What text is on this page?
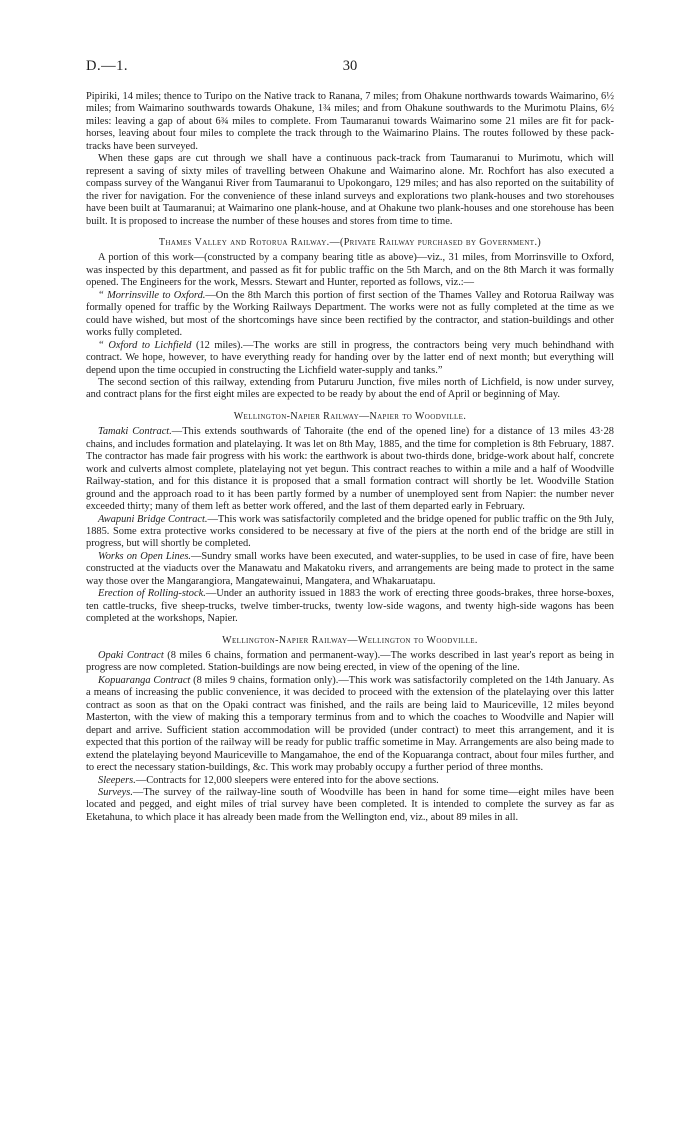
D.—1.	30

Pipiriki, 14 miles; thence to Turipo on the Native track to Ranana, 7 miles; from Ohakune northwards towards Waimarino, 6½ miles; from Waimarino southwards towards Ohakune, 1¾ miles; and from Ohakune southwards to the Murimotu Plains, 6½ miles: leaving a gap of about 6¾ miles to complete. From Taumaranui towards Waimarino some 21 miles are fit for pack-horses, leaving about four miles to complete the track through to the Waimarino Plains. The routes followed by these pack-tracks have been surveyed.

When these gaps are cut through we shall have a continuous pack-track from Taumaranui to Murimotu, which will represent a saving of sixty miles of travelling between Ohakune and Waimarino alone. Mr. Rochfort has also executed a compass survey of the Wanganui River from Taumaranui to Upokongaro, 129 miles; and has also reported on the suitability of the river for navigation. For the convenience of these inland surveys and explorations two plank-houses and two storehouses have been built at Taumaranui; at Waimarino one plank-house, and at Ohakune two plank-houses and one storehouse has been built. It is proposed to increase the number of these houses and stores from time to time.

Thames Valley and Rotorua Railway.—(Private Railway purchased by Government.)

A portion of this work—(constructed by a company bearing title as above)—viz., 31 miles, from Morrinsville to Oxford, was inspected by this department, and passed as fit for public traffic on the 5th March, and on the 8th March it was formally opened. The Engineers for the work, Messrs. Stewart and Hunter, reported as follows, viz.:—

“ Morrinsville to Oxford.—On the 8th March this portion of first section of the Thames Valley and Rotorua Railway was formally opened for traffic by the Working Railways Department. The works were not as fully completed at the time as we could have wished, but most of the shortcomings have since been rectified by the contractor, and station-buildings and other works fully completed.

“ Oxford to Lichfield (12 miles).—The works are still in progress, the contractors being very much behindhand with contract. We hope, however, to have everything ready for handing over by the latter end of next month; but everything will depend upon the time occupied in constructing the Lichfield water-supply and tanks.”

The second section of this railway, extending from Putaruru Junction, five miles north of Lichfield, is now under survey, and contract plans for the first eight miles are expected to be ready by about the end of April or beginning of May.

Wellington-Napier Railway—Napier to Woodville.

Tamaki Contract.—This extends southwards of Tahoraite (the end of the opened line) for a distance of 13 miles 43·28 chains, and includes formation and platelaying. It was let on 8th May, 1885, and the time for completion is 8th February, 1887. The contractor has made fair progress with his work: the earthwork is about two-thirds done, bridge-work about half, concrete work and culverts almost complete, platelaying not yet begun. This contract reaches to within a mile and a half of Woodville Railway-station, and for this distance it is proposed that a small formation contract will shortly be let. Woodville Station ground and the approach road to it has been partly formed by a number of unemployed sent from Napier: the number never exceeded thirty; many of them left as better work offered, and the last of them departed early in February.

Awapuni Bridge Contract.—This work was satisfactorily completed and the bridge opened for public traffic on the 9th July, 1885. Some extra protective works considered to be necessary at five of the piers at the north end of the bridge are still in progress, but will shortly be completed.

Works on Open Lines.—Sundry small works have been executed, and water-supplies, to be used in case of fire, have been constructed at the viaducts over the Manawatu and Makatoku rivers, and arrangements are being made to protect in the same way those over the Mangarangiora, Mangatewainui, Mangatera, and Whakaruatapu.

Erection of Rolling-stock.—Under an authority issued in 1883 the work of erecting three goods-brakes, three horse-boxes, ten cattle-trucks, five sheep-trucks, twelve timber-trucks, twenty low-side wagons, and twenty high-side wagons has been completed at the workshops, Napier.

Wellington-Napier Railway—Wellington to Woodville.

Opaki Contract (8 miles 6 chains, formation and permanent-way).—The works described in last year's report as being in progress are now completed. Station-buildings are now being erected, in view of the opening of the line.

Kopuaranga Contract (8 miles 9 chains, formation only).—This work was satisfactorily completed on the 14th January. As a means of increasing the public convenience, it was decided to proceed with the extension of the platelaying over this latter contract as soon as that on the Opaki contract was finished, and the rails are being laid to Mauriceville, 12 miles beyond Masterton, with the view of making this a temporary terminus from and to which the coaches to Woodville and Napier will depart and arrive. Sufficient station accommodation will be provided (under contract) to meet this arrangement, and it is expected that this portion of the railway will be ready for public traffic sometime in May. Arrangements are also being made to extend the platelaying beyond Mauriceville to Mangamahoe, the end of the Kopuaranga contract, about four miles further, and to erect the necessary station-buildings, &c. This work may probably occupy a further period of three months.

Sleepers.—Contracts for 12,000 sleepers were entered into for the above sections.

Surveys.—The survey of the railway-line south of Woodville has been in hand for some time—eight miles have been located and pegged, and eight miles of trial survey have been completed. It is intended to complete the survey as far as Eketahuna, to which place it has already been made from the Wellington end, viz., about 89 miles in all.
